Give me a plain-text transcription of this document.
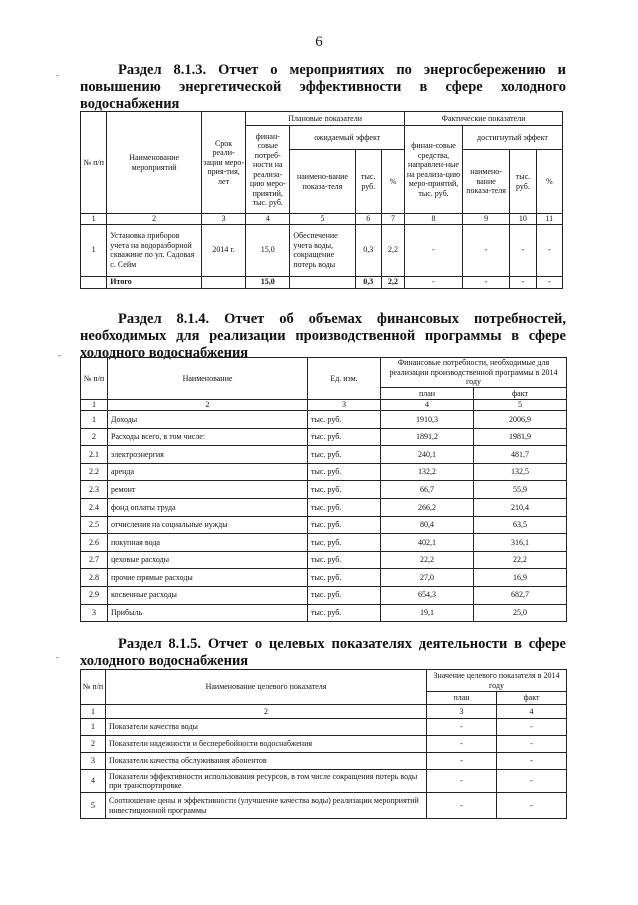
6
Раздел 8.1.3. Отчет о мероприятиях по энергосбережению и
повышению энергетической эффективности в сфере холодного
водоснабжения
№ п/п	Наименование мероприятий	Срок реали-зации меро-прия-тия, лет	Плановые показатели				Фактические показатели			
			финан-совые потреб-ности на реализа-цию меро-приятий, тыс. руб.	ожидаемый эффект			финан-совые средства, направлен-ные на реализа-цию меро-приятий, тыс. руб.	достигнутый эффект		
				наимено-вание показа-теля	тыс. руб.	%		наимено-вание показа-теля	тыс. руб.	%
1	2	3	4	5	6	7	8	9	10	11
1	Установка приборов учета на водоразборной скважине по ул. Садовая с. Сейм	2014 г.	15,0	Обеспечение учета воды, сокращение потерь воды	0,3	2,2	-	-	-	-
	Итого		15,0		0,3	2,2	-	-	-	-
Раздел 8.1.4. Отчет об объемах финансовых потребностей,
необходимых для реализации производственной программы в сфере
холодного водоснабжения
№ п/п	Наименование	Ед. изм.	Финансовые потребности, необходимые для реализации производственной программы в 2014 году	
			план	факт
1	2	3	4	5
1	Доходы	тыс. руб.	1910,3	2006,9
2	Расходы всего, в том числе:	тыс. руб.	1891,2	1981,9
2.1	электроэнергия	тыс. руб.	240,1	481,7
2.2	аренда	тыс. руб.	132,2	132,5
2.3	ремонт	тыс. руб.	66,7	55,9
2.4	фонд оплаты труда	тыс. руб.	266,2	210,4
2.5	отчисления на социальные нужды	тыс. руб.	80,4	63,5
2.6	покупная вода	тыс. руб.	402,1	316,1
2.7	цеховые расходы	тыс. руб.	22,2	22,2
2.8	прочие прямые расходы	тыс. руб.	27,0	16,9
2.9	косвенные расходы	тыс. руб.	654,3	682,7
3	Прибыль	тыс. руб.	19,1	25,0
Раздел 8.1.5. Отчет о целевых показателях деятельности в сфере
холодного водоснабжения
№ п/п	Наименование целевого показателя	Значение целевого показателя в 2014 году	
		план	факт
1	2	3	4
1	Показатели качества воды	-	-
2	Показатели надежности и бесперебойности водоснабжения	-	-
3	Показатели качества обслуживания абонентов	-	-
4	Показатели эффективности использования ресурсов, в том числе сокращения потерь воды при транспортировке	-	-
5	Соотношение цены и эффективности (улучшение качества воды) реализации мероприятий инвестиционной программы	-	-
-
-
-
